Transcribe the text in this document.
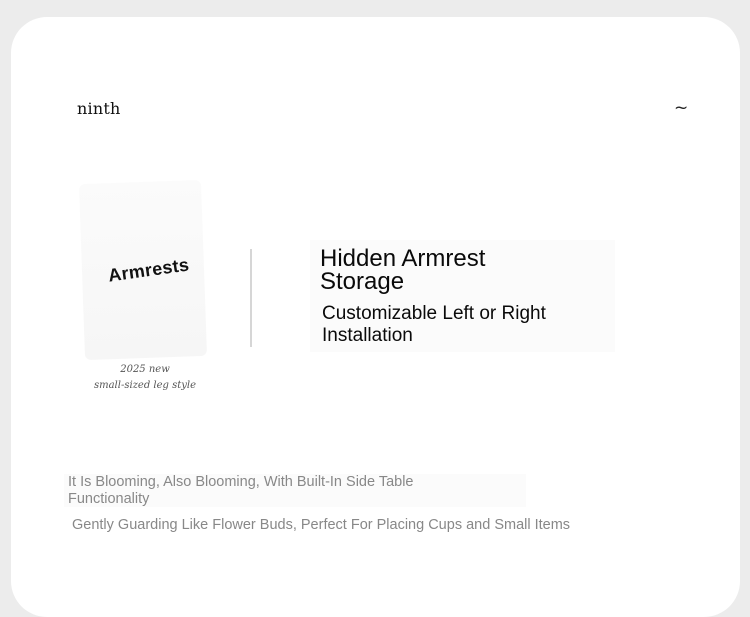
ninth	~
Armrests
2025 new
small-sized leg style
Hidden Armrest Storage
Customizable Left or Right Installation
It Is Blooming, Also Blooming, With Built-In Side Table Functionality
Gently Guarding Like Flower Buds, Perfect For Placing Cups and Small Items
